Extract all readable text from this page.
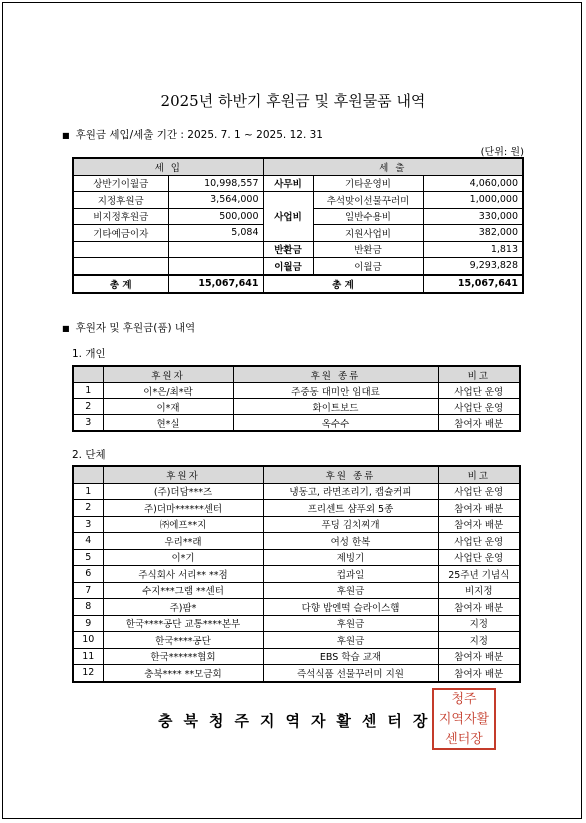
2025년 하반기 후원금 및 후원물품 내역
■ 후원금 세입/세출 기간 : 2025. 7. 1 ~ 2025. 12. 31
(단위: 원)
세 입		세 출		
상반기이월금	10,998,557	사무비	기타운영비	4,060,000
지정후원금	3,564,000	사업비	추석맞이선물꾸러미	1,000,000
비지정후원금	500,000		일반수용비	330,000
기타예금이자	5,084		지원사업비	382,000
		반환금	반환금	1,813
		이월금	이월금	9,293,828
총 계	15,067,641	총 계		15,067,641
■ 후원자 및 후원금(품) 내역
1. 개인
	후원자	후원 종류	비고
1	이*은/최*락	주중동 대미안 임대료	사업단 운영
2	이*재	화이트보드	사업단 운영
3	현*실	옥수수	참여자 배분
2. 단체
	후원자	후원 종류	비고
1	(주)더담***즈	냉동고, 라면조리기, 캡슐커피	사업단 운영
2	주)더마******센터	프리센트 샴푸외 5종	참여자 배분
3	㈜에프**지	푸딩 김치찌개	참여자 배분
4	우리**래	여성 한복	사업단 운영
5	이*기	제빙기	사업단 운영
6	주식회사 서리** **점	컵과일	25주년 기념식
7	수지***그램 **센터	후원금	비지정
8	주)팜*	다향 밥엔떡 슬라이스햄	참여자 배분
9	한국****공단 교통****본부	후원금	지정
10	한국****공단	후원금	지정
11	한국******협회	EBS 학습 교재	참여자 배분
12	충북**** **모금회	즉석식품 선물꾸러미 지원	참여자 배분
충북청주지역자활센터장
청주
지역자활
센터장
